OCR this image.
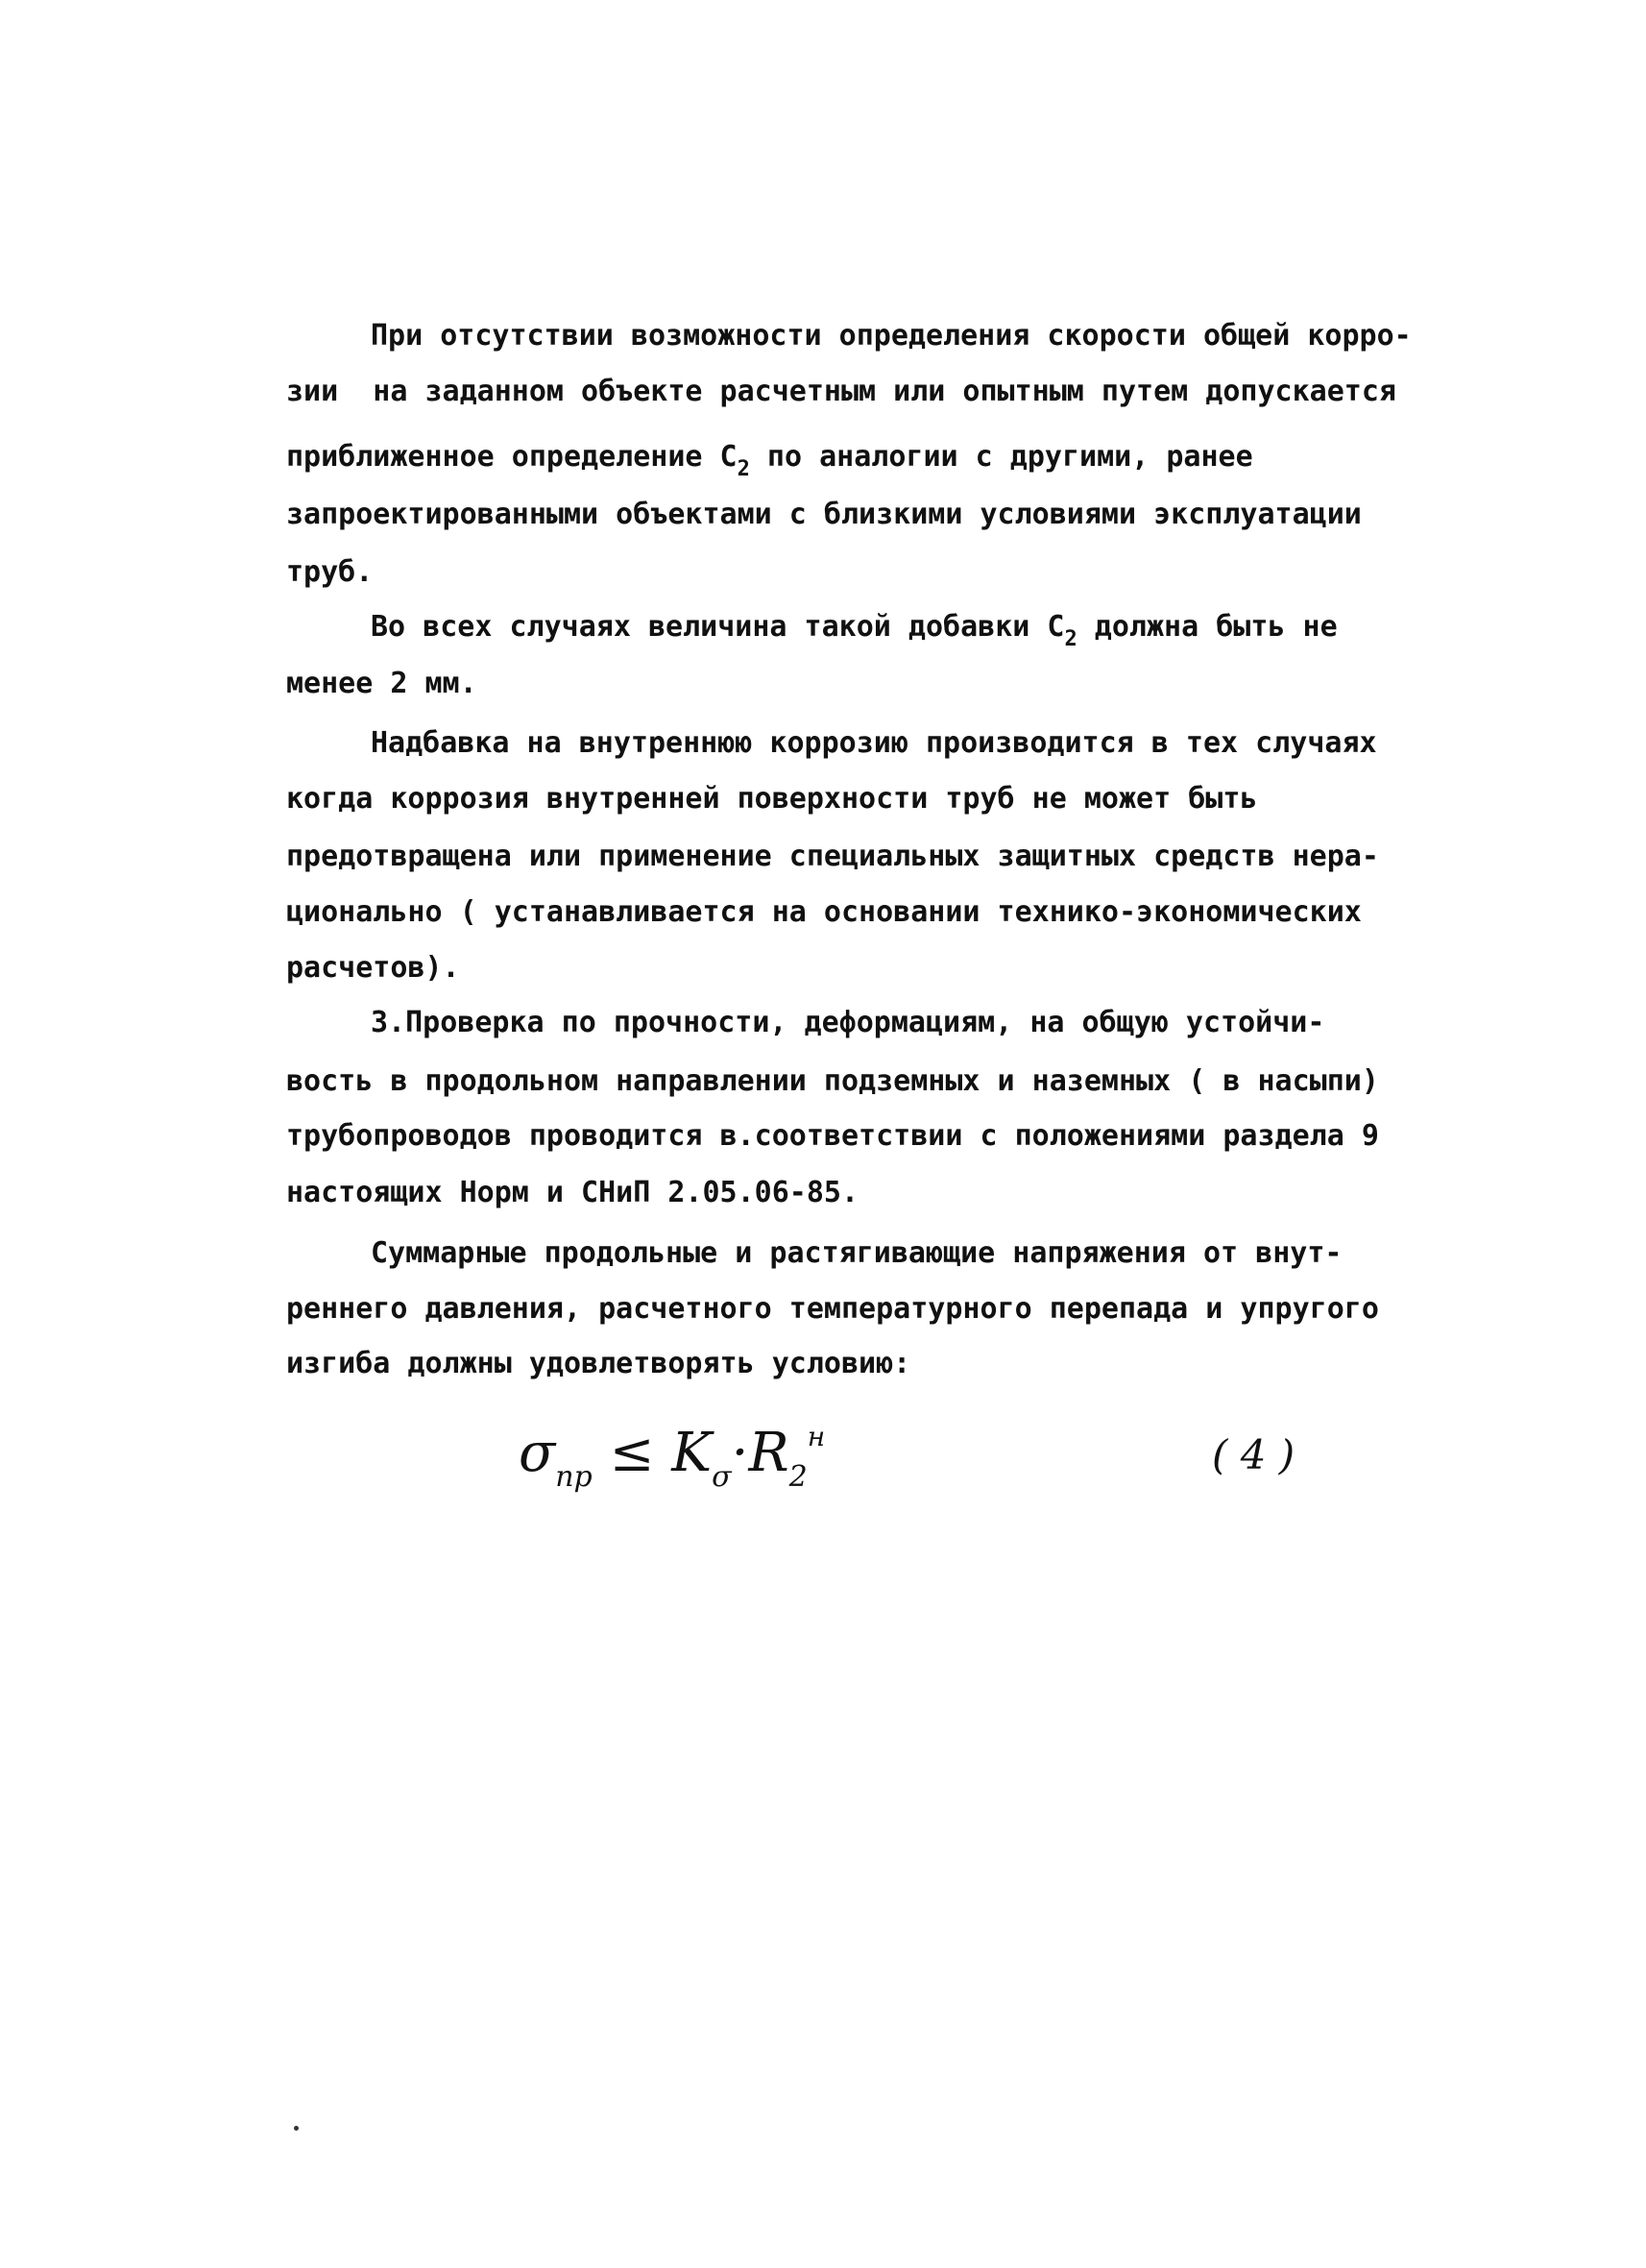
При отсутствии возможности определения скорости общей корро-
зии  на заданном объекте расчетным или опытным путем допускается
приближенное определение $С_2$ по аналогии с другими, ранее
запроектированными объектами с близкими условиями эксплуатации
труб.
Во всех случаях величина такой добавки $С_2$ должна быть не
менее 2 мм.
Надбавка на внутреннюю коррозию производится в тех случаях
когда коррозия внутренней поверхности труб не может быть
предотвращена или применение специальных защитных средств нера-
ционально ( устанавливается на основании технико-экономических
расчетов).
3.Проверка по прочности, деформациям, на общую устойчи-
вость в продольном направлении подземных и наземных ( в насыпи)
трубопроводов проводится в.соответствии с положениями раздела 9
настоящих Норм и СНиП 2.05.06-85.
Суммарные продольные и растягивающие напряжения от внут-
реннего давления, расчетного температурного перепада и упругого
изгиба должны удовлетворять условию:
$\sigma_{пр} \le K_\sigma\cdot R_2^н$	( 4 )
